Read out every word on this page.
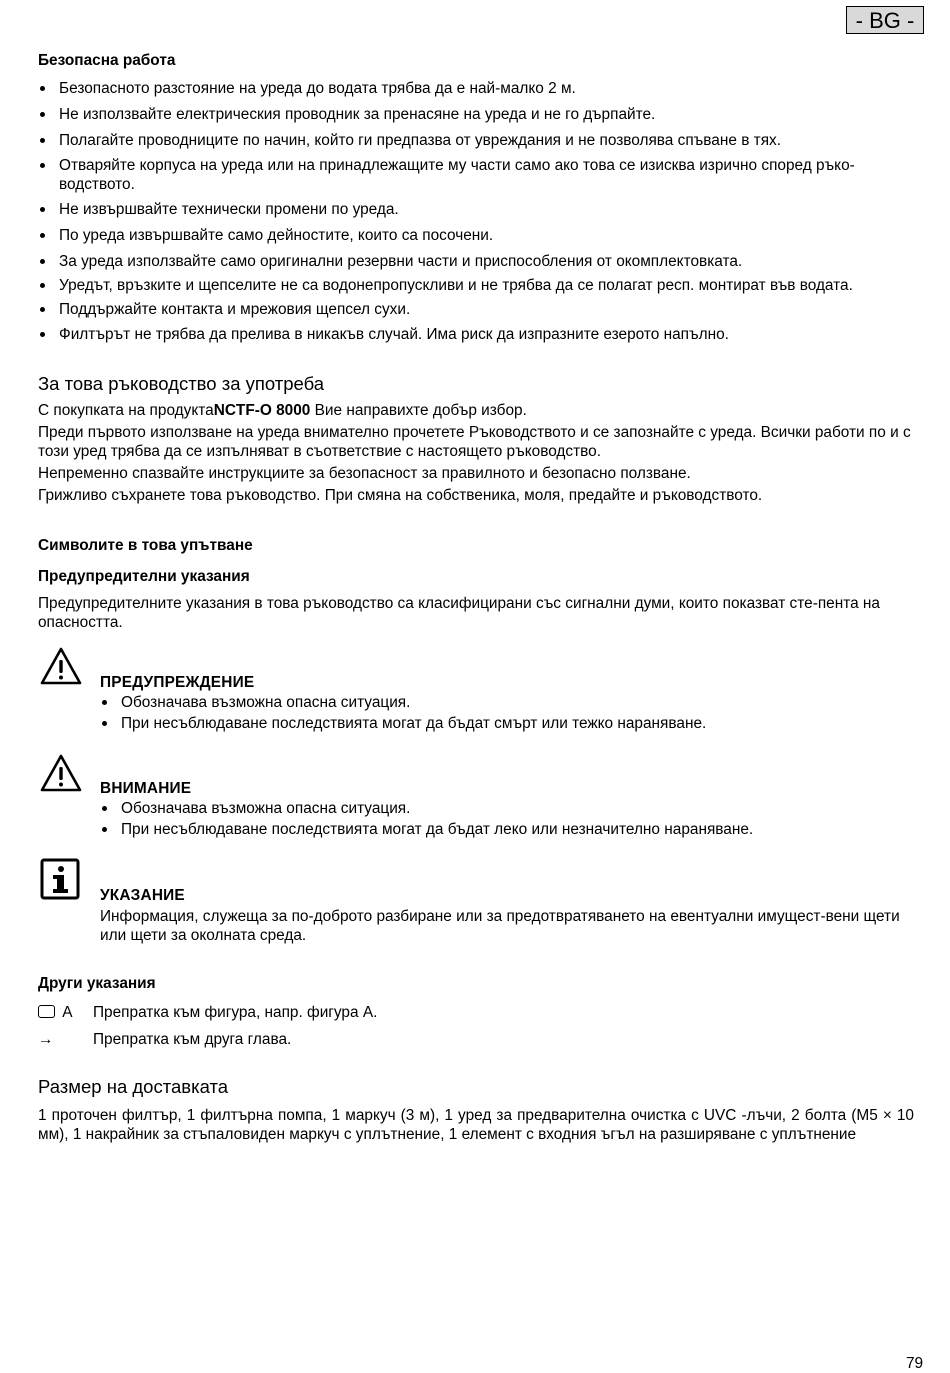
- BG -
Безопасна работа
Безопасното разстояние на уреда до водата трябва да е най-малко 2 м.
Не използвайте електрическия проводник за пренасяне на уреда и не го дърпайте.
Полагайте проводниците по начин, който ги предпазва от увреждания и не позволява спъване в тях.
Отваряйте корпуса на уреда или на принадлежащите му части само ако това се изисква изрично според ръко-водството.
Не извършвайте технически промени по уреда.
По уреда извършвайте само дейностите, които са посочени.
За уреда използвайте само оригинални резервни части и приспособления от окомплектовката.
Уредът, връзките и щепселите не са водонепропускливи и не трябва да се полагат респ. монтират във водата.
Поддържайте контакта и мрежовия щепсел сухи.
Филтърът не трябва да прелива в никакъв случай. Има риск да изпразните езерото напълно.
За това ръководство за употреба

С покупката на продуктаNCTF-O 8000 Вие направихте добър избор.

Преди първото използване на уреда внимателно прочетете Ръководството и се запознайте с уреда. Всички работи по и с този уред трябва да се изпълняват в съответствие с настоящето ръководство.

Непременно спазвайте инструкциите за безопасност за правилното и безопасно ползване.

Грижливо съхранете това ръководство. При смяна на собственика, моля, предайте и ръководството.

Символите в това упътване
Предупредителни указания
Предупредителните указания в това ръководство са класифицирани със сигнални думи, които показват сте-пента на опасността.
ПРЕДУПРЕЖДЕНИЕ
Обозначава възможна опасна ситуация.
При несъблюдаване последствията могат да бъдат смърт или тежко нараняване.
ВНИМАНИЕ
Обозначава възможна опасна ситуация.
При несъблюдаване последствията могат да бъдат леко или незначително нараняване.
УКАЗАНИЕ
Информация, служеща за по-доброто разбиране или за предотвратяването на евентуални имущест-вени щети или щети за околната среда.
Други указания
A Препратка към фигура, напр. фигура A.
→	Препратка към друга глава.
Размер на доставката
1 проточен филтър, 1 филтърна помпа, 1 маркуч (3 м), 1 уред за предварителна очистка с UVC -лъчи, 2 болта (M5 × 10 мм), 1 накрайник за стъпаловиден маркуч с уплътнение, 1 елемент с входния ъгъл на разширяване с уплътнение
79
